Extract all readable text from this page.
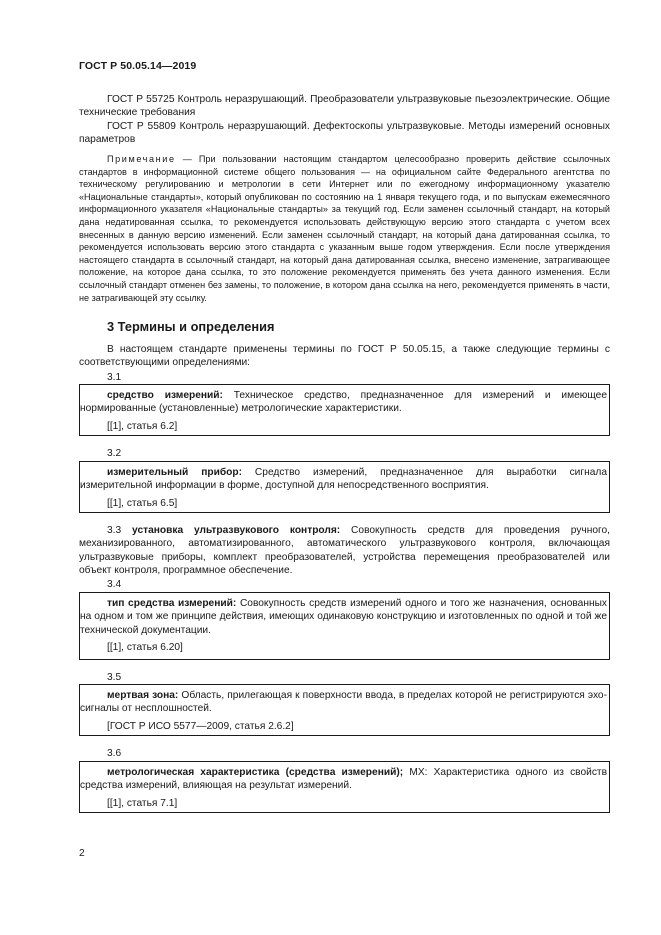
ГОСТ Р 50.05.14—2019

ГОСТ Р 55725 Контроль неразрушающий. Преобразователи ультразвуковые пьезоэлектрические. Общие технические требования

ГОСТ Р 55809 Контроль неразрушающий. Дефектоскопы ультразвуковые. Методы измерений основных параметров

Примечание — При пользовании настоящим стандартом целесообразно проверить действие ссылочных стандартов в информационной системе общего пользования — на официальном сайте Федерального агентства по техническому регулированию и метрологии в сети Интернет или по ежегодному информационному указателю «Национальные стандарты», который опубликован по состоянию на 1 января текущего года, и по выпускам ежемесячного информационного указателя «Национальные стандарты» за текущий год. Если заменен ссылочный стандарт, на который дана недатированная ссылка, то рекомендуется использовать действующую версию этого стандарта с учетом всех внесенных в данную версию изменений. Если заменен ссылочный стандарт, на который дана датированная ссылка, то рекомендуется использовать версию этого стандарта с указанным выше годом утверждения. Если после утверждения настоящего стандарта в ссылочный стандарт, на который дана датированная ссылка, внесено изменение, затрагивающее положение, на которое дана ссылка, то это положение рекомендуется применять без учета данного изменения. Если ссылочный стандарт отменен без замены, то положение, в котором дана ссылка на него, рекомендуется применять в части, не затрагивающей эту ссылку.

3 Термины и определения

В настоящем стандарте применены термины по ГОСТ Р 50.05.15, а также следующие термины с соответствующими определениями:

3.1

средство измерений: Техническое средство, предназначенное для измерений и имеющее нормированные (установленные) метрологические характеристики.

[[1], статья 6.2]

3.2

измерительный прибор: Средство измерений, предназначенное для выработки сигнала измерительной информации в форме, доступной для непосредственного восприятия.

[[1], статья 6.5]

3.3 установка ультразвукового контроля: Совокупность средств для проведения ручного, механизированного, автоматизированного, автоматического ультразвукового контроля, включающая ультразвуковые приборы, комплект преобразователей, устройства перемещения преобразователей или объект контроля, программное обеспечение.

3.4

тип средства измерений: Совокупность средств измерений одного и того же назначения, основанных на одном и том же принципе действия, имеющих одинаковую конструкцию и изготовленных по одной и той же технической документации.

[[1], статья 6.20]

3.5

мертвая зона: Область, прилегающая к поверхности ввода, в пределах которой не регистрируются эхо-сигналы от несплошностей.

[ГОСТ Р ИСО 5577—2009, статья 2.6.2]

3.6

метрологическая характеристика (средства измерений); МХ: Характеристика одного из свойств средства измерений, влияющая на результат измерений.

[[1], статья 7.1]

2
